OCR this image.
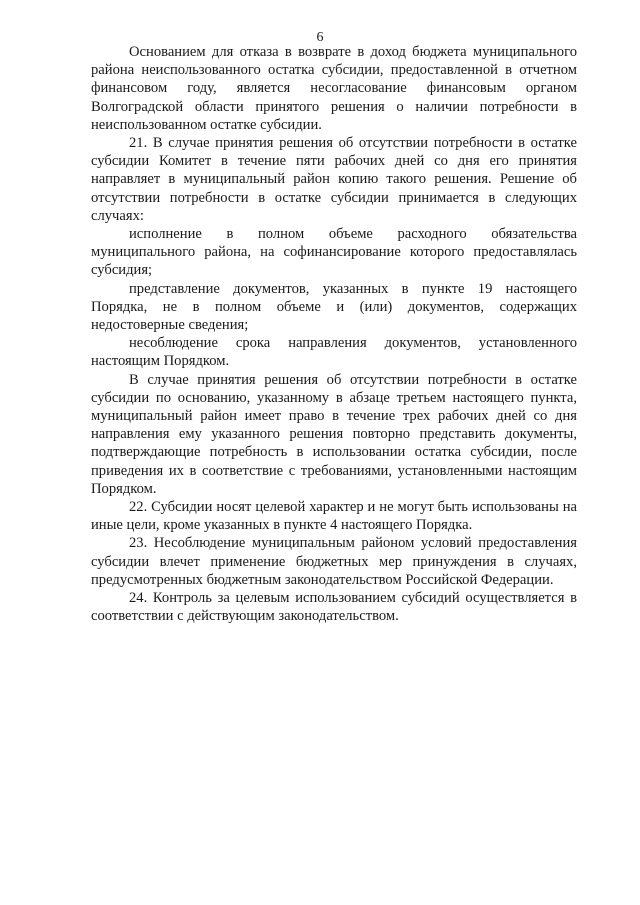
6

Основанием для отказа в возврате в доход бюджета муниципального района неиспользованного остатка субсидии, предоставленной в отчетном финансовом году, является несогласование финансовым органом Волгоградской области принятого решения о наличии потребности в неиспользованном остатке субсидии.

21. В случае принятия решения об отсутствии потребности в остатке субсидии Комитет в течение пяти рабочих дней со дня его принятия направляет в муниципальный район копию такого решения. Решение об отсутствии потребности в остатке субсидии принимается в следующих случаях:

исполнение в полном объеме расходного обязательства муниципального района, на софинансирование которого предоставлялась субсидия;

представление документов, указанных в пункте 19 настоящего Порядка, не в полном объеме и (или) документов, содержащих недостоверные сведения;

несоблюдение срока направления документов, установленного настоящим Порядком.

В случае принятия решения об отсутствии потребности в остатке субсидии по основанию, указанному в абзаце третьем настоящего пункта, муниципальный район имеет право в течение трех рабочих дней со дня направления ему указанного решения повторно представить документы, подтверждающие потребность в использовании остатка субсидии, после приведения их в соответствие с требованиями, установленными настоящим Порядком.

22. Субсидии носят целевой характер и не могут быть использованы на иные цели, кроме указанных в пункте 4 настоящего Порядка.

23. Несоблюдение муниципальным районом условий предоставления субсидии влечет применение бюджетных мер принуждения в случаях, предусмотренных бюджетным законодательством Российской Федерации.

24. Контроль за целевым использованием субсидий осуществляется в соответствии с действующим законодательством.
